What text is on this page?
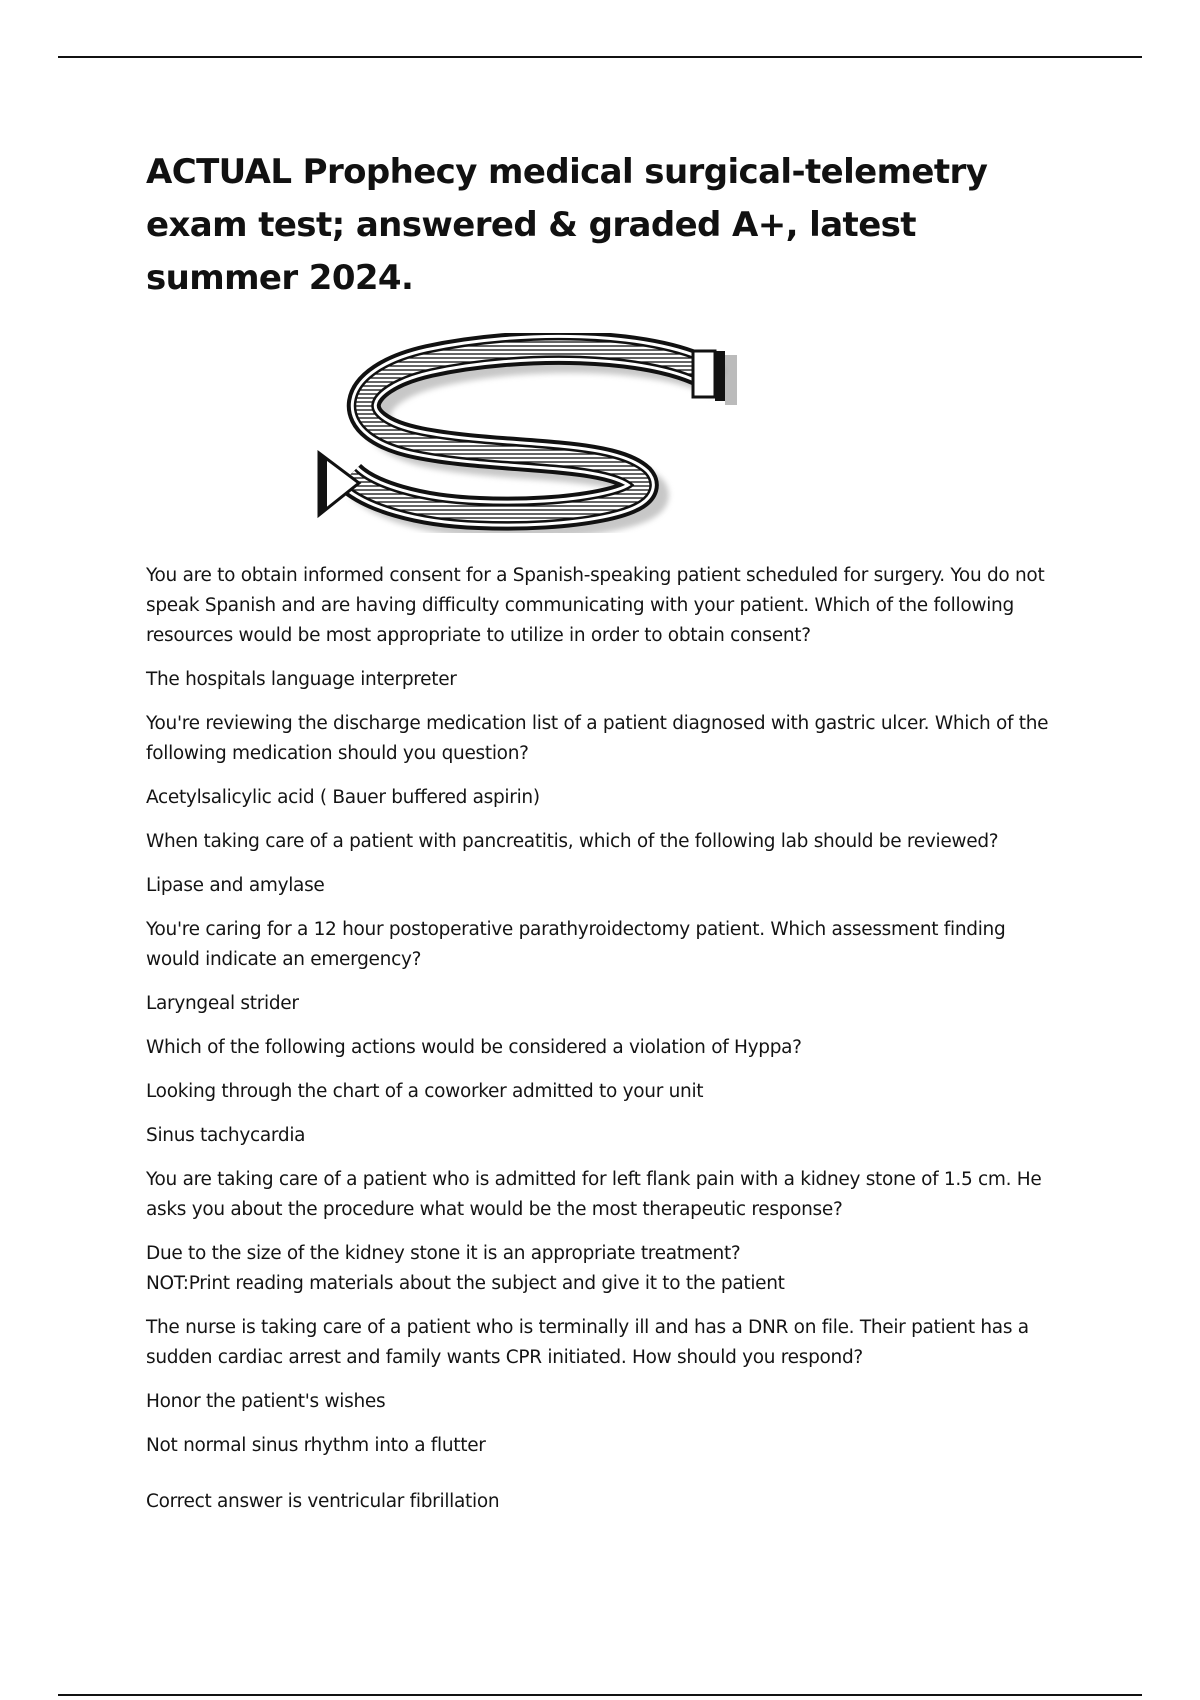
ACTUAL Prophecy medical surgical-telemetry exam test; answered & graded A+, latest summer 2024.

You are to obtain informed consent for a Spanish-speaking patient scheduled for surgery. You do not speak Spanish and are having difficulty communicating with your patient. Which of the following resources would be most appropriate to utilize in order to obtain consent?

The hospitals language interpreter

You're reviewing the discharge medication list of a patient diagnosed with gastric ulcer. Which of the following medication should you question?

Acetylsalicylic acid ( Bauer buffered aspirin)

When taking care of a patient with pancreatitis, which of the following lab should be reviewed?

Lipase and amylase

You're caring for a 12 hour postoperative parathyroidectomy patient. Which assessment finding would indicate an emergency?

Laryngeal strider

Which of the following actions would be considered a violation of Hyppa?

Looking through the chart of a coworker admitted to your unit

Sinus tachycardia

You are taking care of a patient who is admitted for left flank pain with a kidney stone of 1.5 cm. He asks you about the procedure what would be the most therapeutic response?

Due to the size of the kidney stone it is an appropriate treatment?
NOT:Print reading materials about the subject and give it to the patient

The nurse is taking care of a patient who is terminally ill and has a DNR on file. Their patient has a sudden cardiac arrest and family wants CPR initiated. How should you respond?

Honor the patient's wishes

Not normal sinus rhythm into a flutter

Correct answer is ventricular fibrillation
